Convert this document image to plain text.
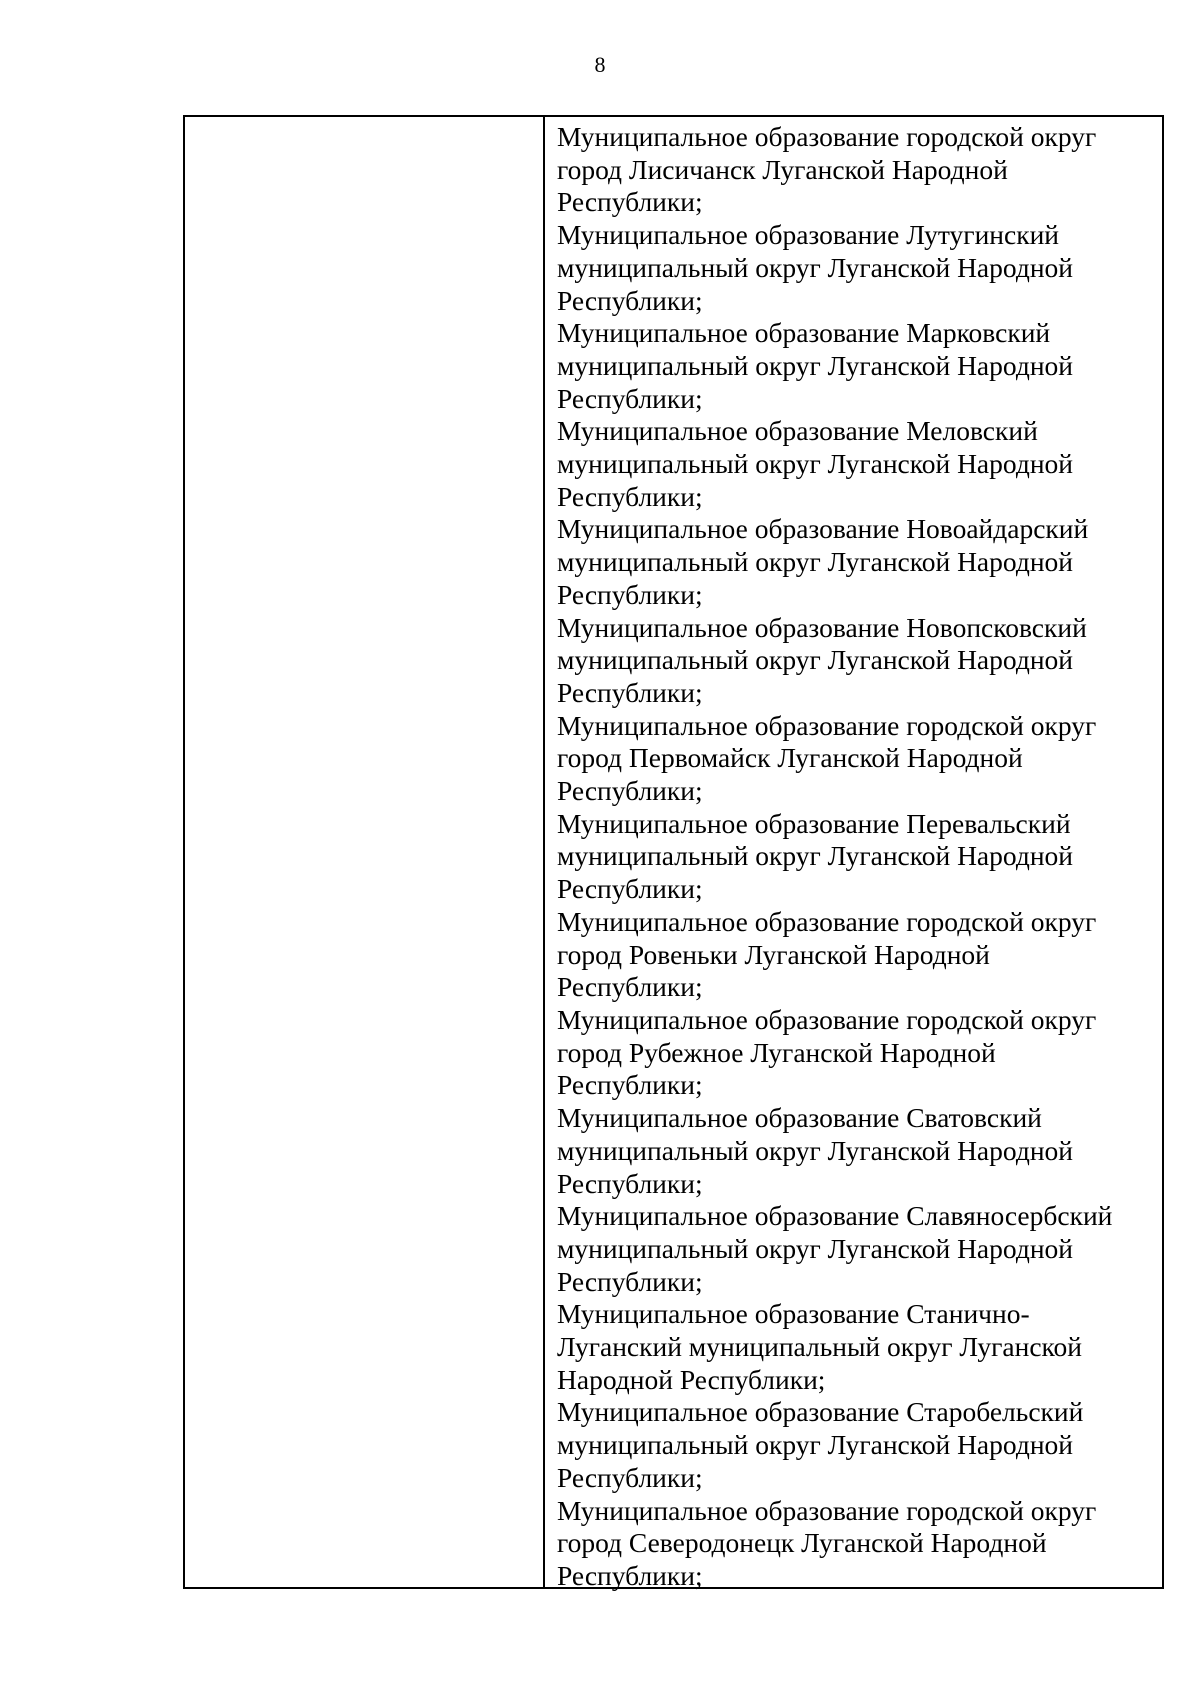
8
Муниципальное образование городской округ
город Лисичанск Луганской Народной
Республики;
Муниципальное образование Лутугинский
муниципальный округ Луганской Народной
Республики;
Муниципальное образование Марковский
муниципальный округ Луганской Народной
Республики;
Муниципальное образование Меловский
муниципальный округ Луганской Народной
Республики;
Муниципальное образование Новоайдарский
муниципальный округ Луганской Народной
Республики;
Муниципальное образование Новопсковский
муниципальный округ Луганской Народной
Республики;
Муниципальное образование городской округ
город Первомайск Луганской Народной
Республики;
Муниципальное образование Перевальский
муниципальный округ Луганской Народной
Республики;
Муниципальное образование городской округ
город Ровеньки Луганской Народной
Республики;
Муниципальное образование городской округ
город Рубежное Луганской Народной
Республики;
Муниципальное образование Сватовский
муниципальный округ Луганской Народной
Республики;
Муниципальное образование Славяносербский
муниципальный округ Луганской Народной
Республики;
Муниципальное образование Станично-
Луганский муниципальный округ Луганской
Народной Республики;
Муниципальное образование Старобельский
муниципальный округ Луганской Народной
Республики;
Муниципальное образование городской округ
город Северодонецк Луганской Народной
Республики;
